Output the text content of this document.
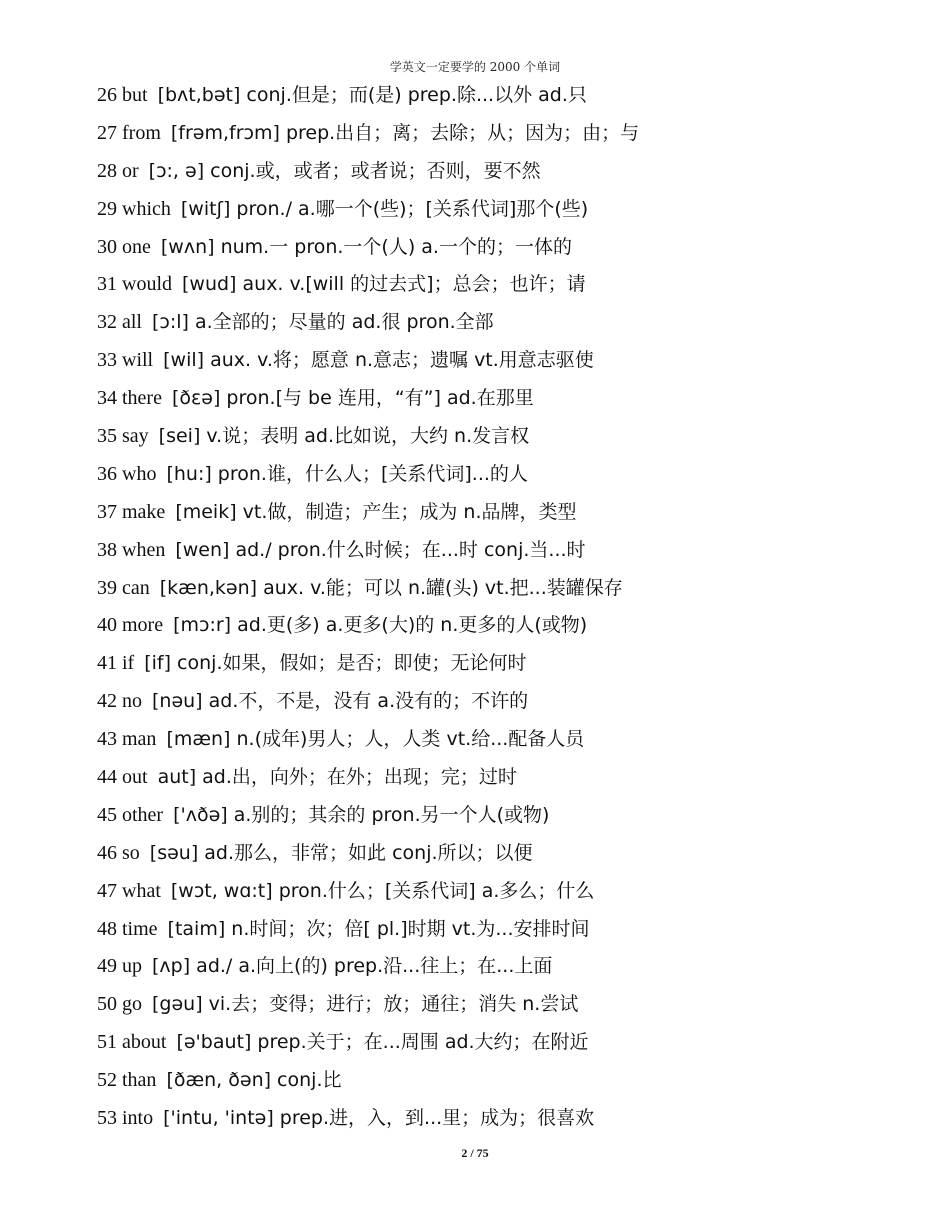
学英文一定要学的 2000 个单词
26 but [bʌt,bət] conj.但是；而(是) prep.除...以外 ad.只
27 from [frəm,frɔm] prep.出自；离；去除；从；因为；由；与
28 or [ɔ:, ə] conj.或，或者；或者说；否则，要不然
29 which [witʃ] pron./ a.哪一个(些)；[关系代词]那个(些)
30 one [wʌn] num.一 pron.一个(人) a.一个的；一体的
31 would [wud] aux. v.[will 的过去式]；总会；也许；请
32 all [ɔ:l] a.全部的；尽量的 ad.很 pron.全部
33 will [wil] aux. v.将；愿意 n.意志；遗嘱 vt.用意志驱使
34 there [ðεə] pron.[与 be 连用，“有”] ad.在那里
35 say [sei] v.说；表明 ad.比如说，大约 n.发言权
36 who [hu:] pron.谁，什么人；[关系代词]...的人
37 make [meik] vt.做，制造；产生；成为 n.品牌，类型
38 when [wen] ad./ pron.什么时候；在...时 conj.当...时
39 can [kæn,kən] aux. v.能；可以 n.罐(头) vt.把...装罐保存
40 more [mɔ:r] ad.更(多) a.更多(大)的 n.更多的人(或物)
41 if [if] conj.如果，假如；是否；即使；无论何时
42 no [nəu] ad.不，不是，没有 a.没有的；不许的
43 man [mæn] n.(成年)男人；人，人类 vt.给...配备人员
44 out aut] ad.出，向外；在外；出现；完；过时
45 other ['ʌðə] a.别的；其余的 pron.另一个人(或物)
46 so [səu] ad.那么，非常；如此 conj.所以；以便
47 what [wɔt, wɑ:t] pron.什么；[关系代词] a.多么；什么
48 time [taim] n.时间；次；倍[ pl.]时期 vt.为...安排时间
49 up [ʌp] ad./ a.向上(的) prep.沿...往上；在...上面
50 go [gəu] vi.去；变得；进行；放；通往；消失 n.尝试
51 about [ə'baut] prep.关于；在...周围 ad.大约；在附近
52 than [ðæn, ðən] conj.比
53 into ['intu, 'intə] prep.进，入，到...里；成为；很喜欢
2 / 75
